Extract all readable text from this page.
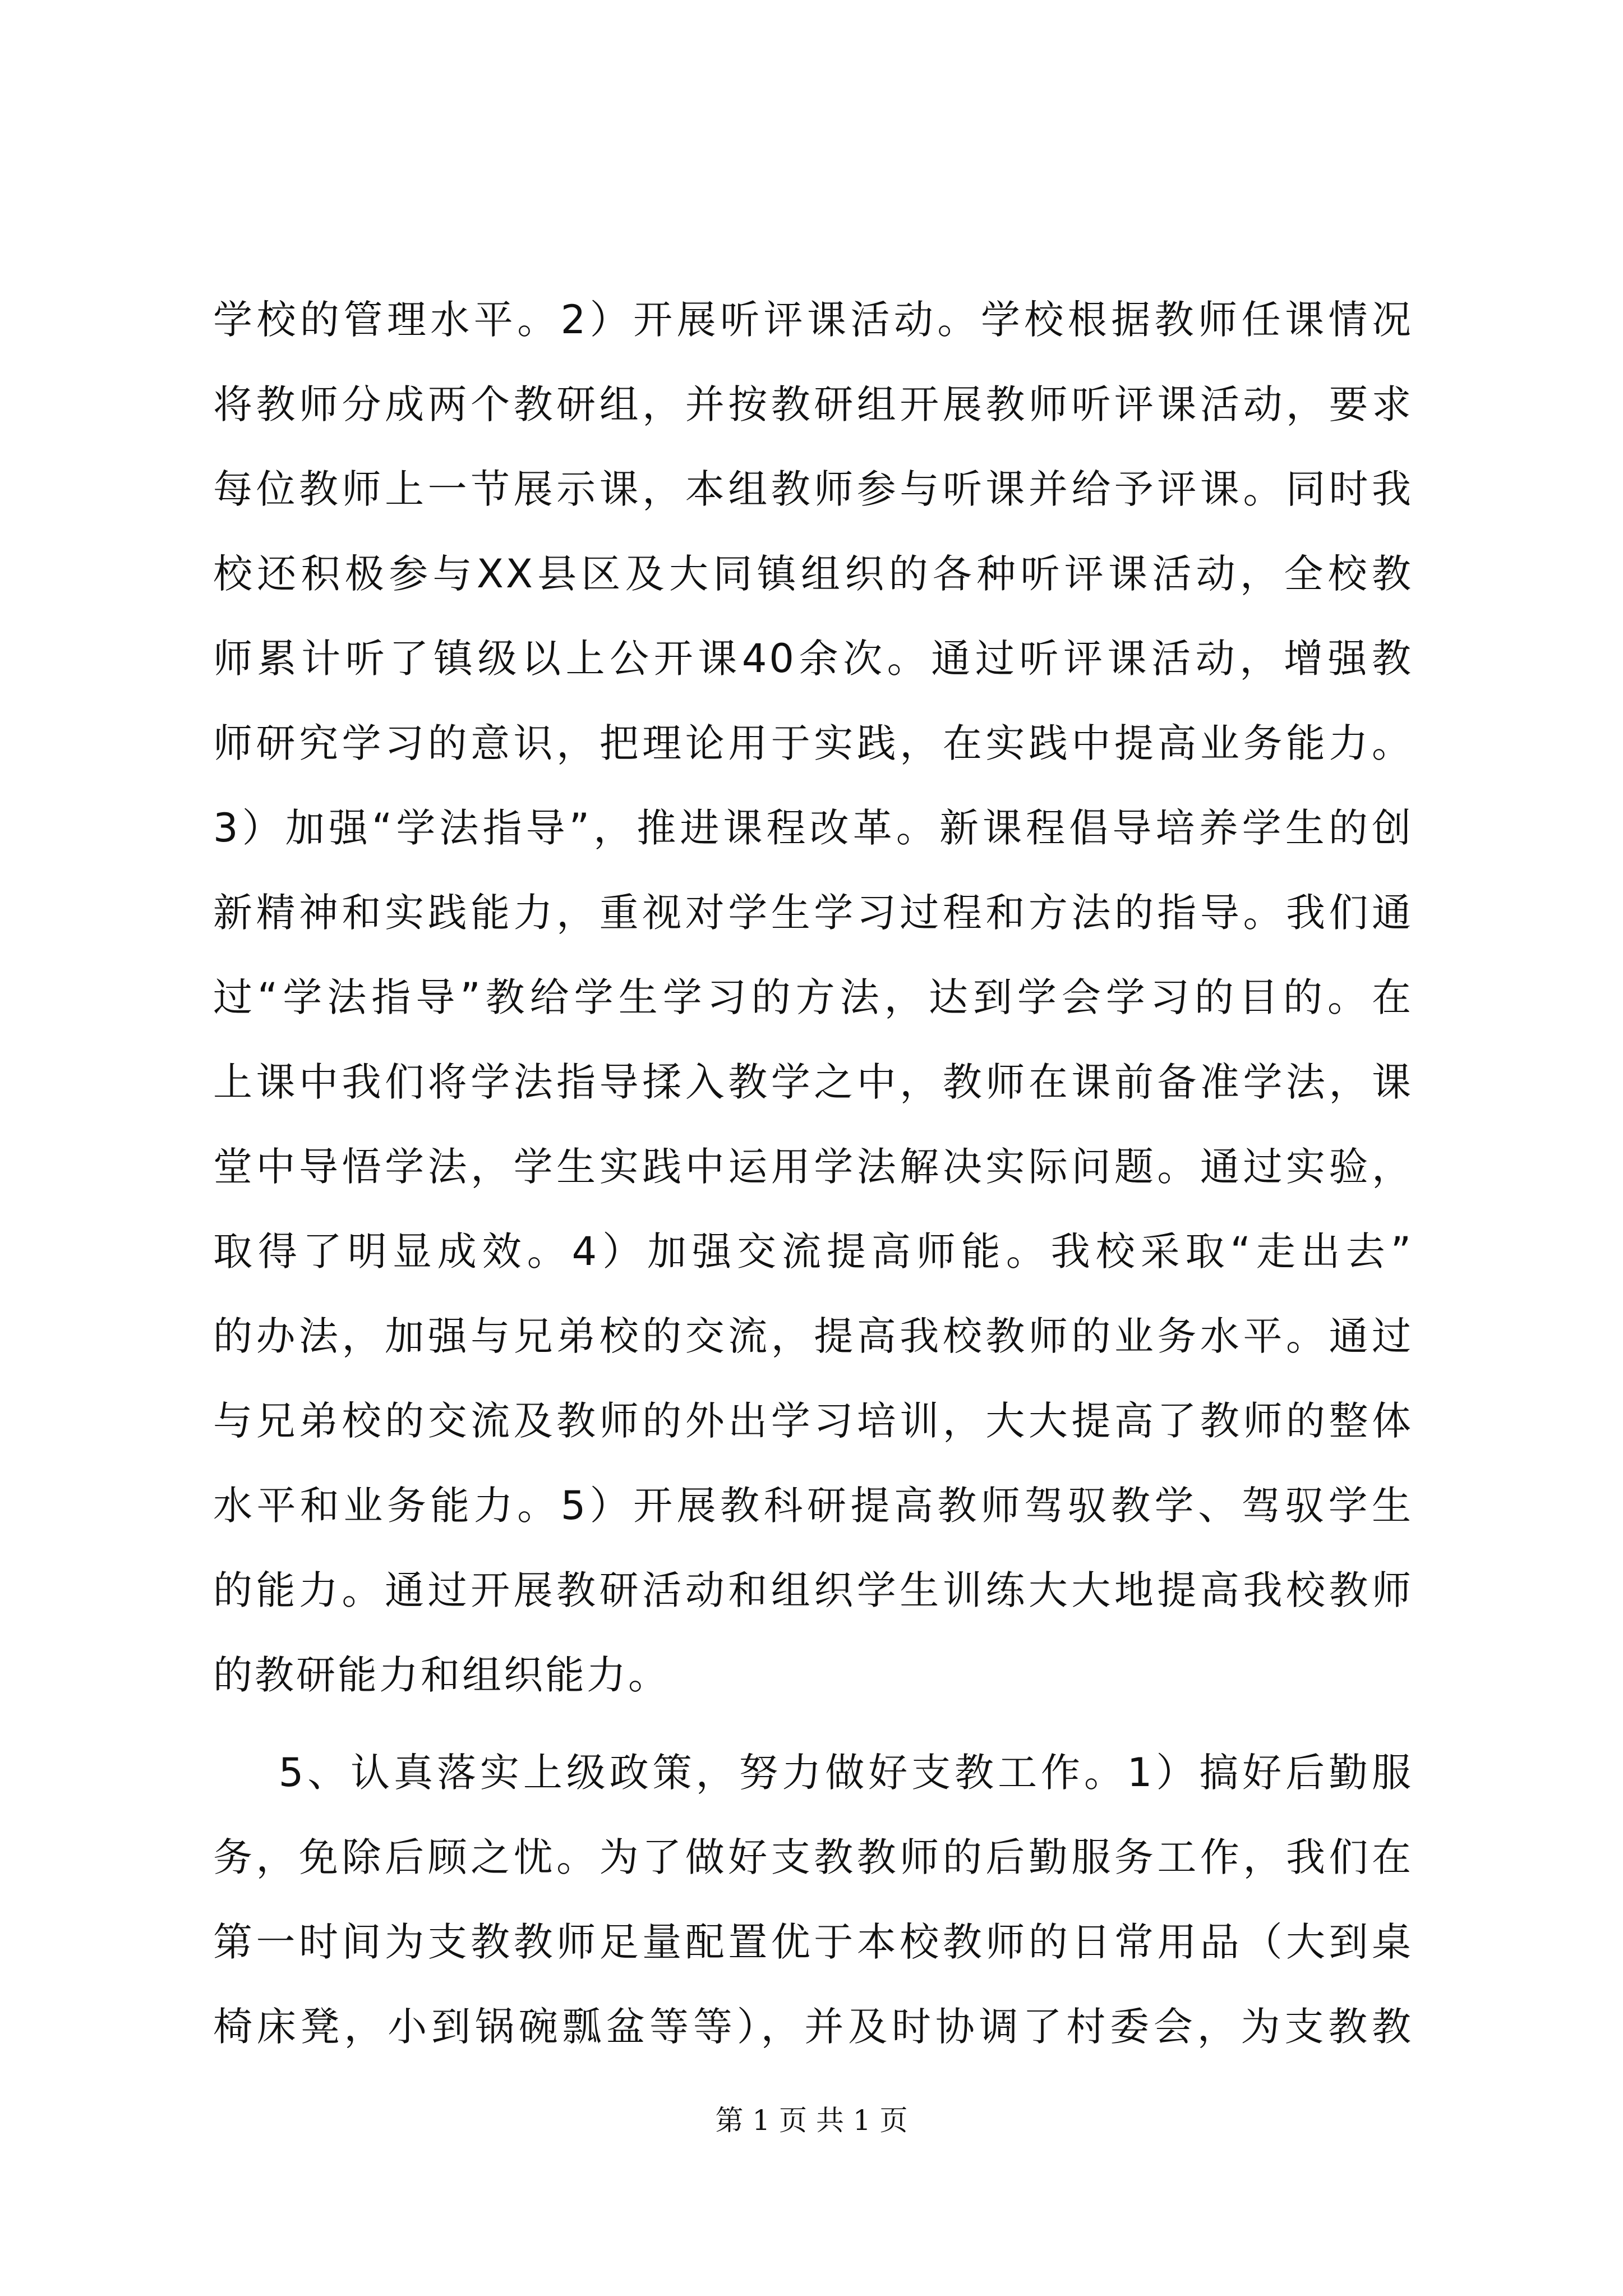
学校的管理水平。2）开展听评课活动。学校根据教师任课情况
将教师分成两个教研组，并按教研组开展教师听评课活动，要求
每位教师上一节展示课，本组教师参与听课并给予评课。同时我
校还积极参与XX县区及大同镇组织的各种听评课活动，全校教
师累计听了镇级以上公开课40余次。通过听评课活动，增强教
师研究学习的意识，把理论用于实践，在实践中提高业务能力。
3）加强“学法指导”，推进课程改革。新课程倡导培养学生的创
新精神和实践能力，重视对学生学习过程和方法的指导。我们通
过“学法指导”教给学生学习的方法，达到学会学习的目的。在
上课中我们将学法指导揉入教学之中，教师在课前备准学法，课
堂中导悟学法，学生实践中运用学法解决实际问题。通过实验，
取得了明显成效。4）加强交流提高师能。我校采取“走出去”
的办法，加强与兄弟校的交流，提高我校教师的业务水平。通过
与兄弟校的交流及教师的外出学习培训，大大提高了教师的整体
水平和业务能力。5）开展教科研提高教师驾驭教学、驾驭学生
的能力。通过开展教研活动和组织学生训练大大地提高我校教师
的教研能力和组织能力。
5、认真落实上级政策，努力做好支教工作。1）搞好后勤服
务，免除后顾之忧。为了做好支教教师的后勤服务工作，我们在
第一时间为支教教师足量配置优于本校教师的日常用品（大到桌
椅床凳，小到锅碗瓢盆等等），并及时协调了村委会，为支教教
第 1 页 共 1 页
